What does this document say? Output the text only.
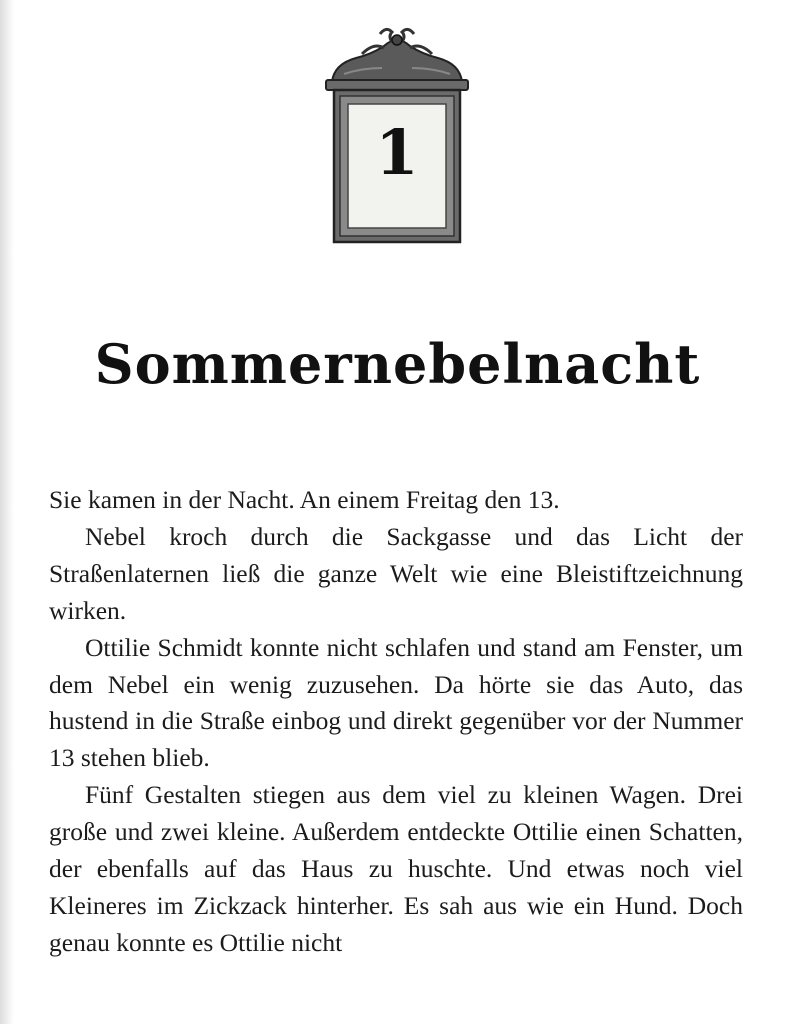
1
Sommernebelnacht

Sie kamen in der Nacht. An einem Freitag den 13.

Nebel kroch durch die Sackgasse und das Licht der Straßenlaternen ließ die ganze Welt wie eine Bleistiftzeichnung wirken.

Ottilie Schmidt konnte nicht schlafen und stand am Fenster, um dem Nebel ein wenig zuzusehen. Da hörte sie das Auto, das hustend in die Straße einbog und direkt gegenüber vor der Nummer 13 stehen blieb.

Fünf Gestalten stiegen aus dem viel zu kleinen Wagen. Drei große und zwei kleine. Außerdem entdeckte Ottilie einen Schatten, der ebenfalls auf das Haus zu huschte. Und etwas noch viel Kleineres im Zickzack hinterher. Es sah aus wie ein Hund. Doch genau konnte es Ottilie nicht
